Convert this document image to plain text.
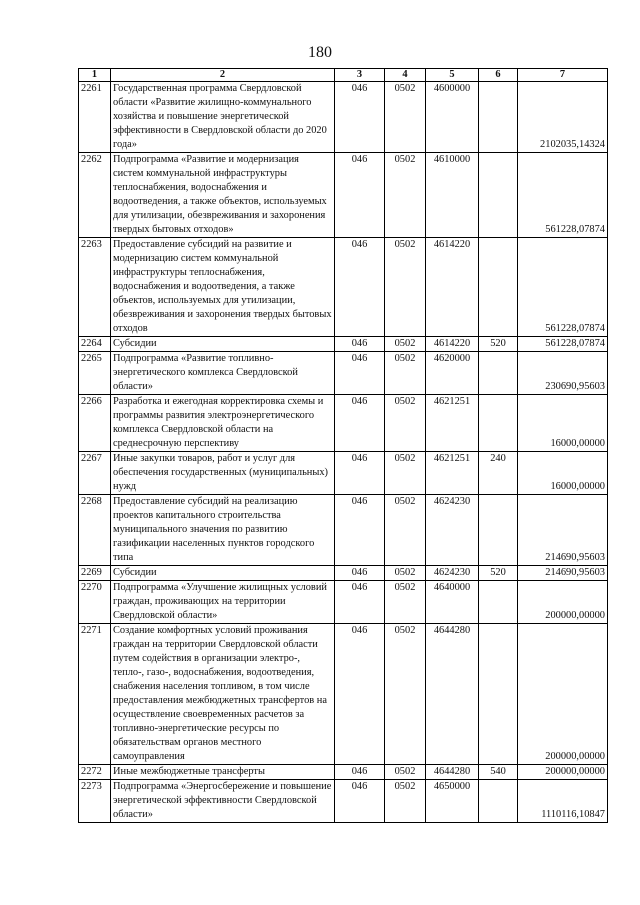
180
1	2	3	4	5	6	7
2261	Государственная программа Свердловской области «Развитие жилищно-коммунального хозяйства и повышение энергетической эффективности в Свердловской области до 2020 года»	046	0502	4600000		2102035,14324
2262	Подпрограмма «Развитие и модернизация систем коммунальной инфраструктуры теплоснабжения, водоснабжения и водоотведения, а также объектов, используемых для утилизации, обезвреживания и захоронения твердых бытовых отходов»	046	0502	4610000		561228,07874
2263	Предоставление субсидий на развитие и модернизацию систем коммунальной инфраструктуры теплоснабжения, водоснабжения и водоотведения, а также объектов, используемых для утилизации, обезвреживания и захоронения твердых бытовых отходов	046	0502	4614220		561228,07874
2264	Субсидии	046	0502	4614220	520	561228,07874
2265	Подпрограмма «Развитие топливно-энергетического комплекса Свердловской области»	046	0502	4620000		230690,95603
2266	Разработка и ежегодная корректировка схемы и программы развития электроэнергетического комплекса Свердловской области на среднесрочную перспективу	046	0502	4621251		16000,00000
2267	Иные закупки товаров, работ и услуг для обеспечения государственных (муниципальных) нужд	046	0502	4621251	240	16000,00000
2268	Предоставление субсидий на реализацию проектов капитального строительства муниципального значения по развитию газификации населенных пунктов городского типа	046	0502	4624230		214690,95603
2269	Субсидии	046	0502	4624230	520	214690,95603
2270	Подпрограмма «Улучшение жилищных условий граждан, проживающих на территории Свердловской области»	046	0502	4640000		200000,00000
2271	Создание комфортных условий проживания граждан на территории Свердловской области путем содействия в организации электро-, тепло-, газо-, водоснабжения, водоотведения, снабжения населения топливом, в том числе предоставления межбюджетных трансфертов на осуществление своевременных расчетов за топливно-энергетические ресурсы по обязательствам органов местного самоуправления	046	0502	4644280		200000,00000
2272	Иные межбюджетные трансферты	046	0502	4644280	540	200000,00000
2273	Подпрограмма «Энергосбережение и повышение энергетической эффективности Свердловской области»	046	0502	4650000		1110116,10847
